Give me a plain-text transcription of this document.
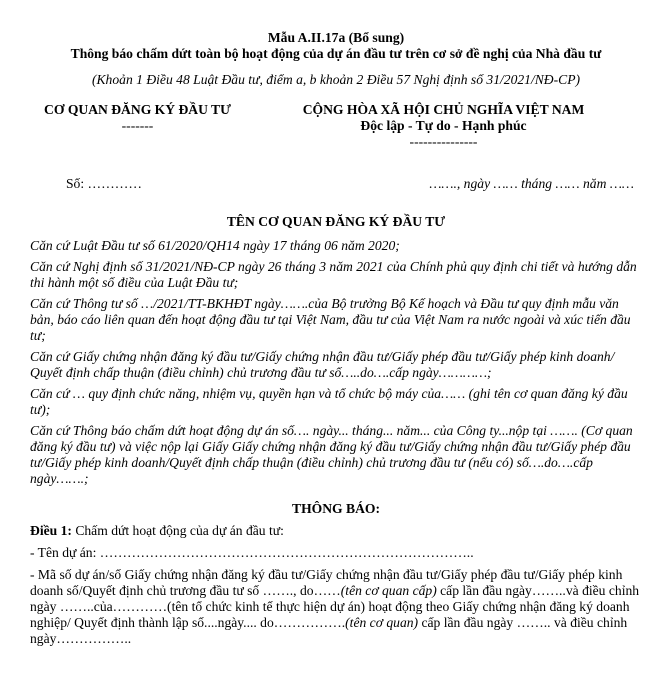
Mẫu A.II.17a (Bổ sung)
Thông báo chấm dứt toàn bộ hoạt động của dự án đầu tư trên cơ sở đề nghị của Nhà đầu tư
(Khoản 1 Điều 48 Luật Đầu tư, điểm a, b khoản 2 Điều 57 Nghị định số 31/2021/NĐ-CP)
CƠ QUAN ĐĂNG KÝ ĐẦU TƯ
-------
CỘNG HÒA XÃ HỘI CHỦ NGHĨA VIỆT NAM
Độc lập - Tự do - Hạnh phúc
---------------
Số: …………	……., ngày …… tháng …… năm ……
TÊN CƠ QUAN ĐĂNG KÝ ĐẦU TƯ
Căn cứ Luật Đầu tư số 61/2020/QH14 ngày 17 tháng 06 năm 2020;
Căn cứ Nghị định số 31/2021/NĐ-CP ngày 26 tháng 3 năm 2021 của Chính phủ quy định chi tiết và hướng dẫn thi hành một số điều của Luật Đầu tư;
Căn cứ Thông tư số …/2021/TT-BKHĐT ngày…….của Bộ trưởng Bộ Kế hoạch và Đầu tư quy định mẫu văn bản, báo cáo liên quan đến hoạt động đầu tư tại Việt Nam, đầu tư của Việt Nam ra nước ngoài và xúc tiến đầu tư;
Căn cứ Giấy chứng nhận đăng ký đầu tư/Giấy chứng nhận đầu tư/Giấy phép đầu tư/Giấy phép kinh doanh/ Quyết định chấp thuận (điều chỉnh) chủ trương đầu tư số…..do….cấp ngày…………;
Căn cứ … quy định chức năng, nhiệm vụ, quyền hạn và tổ chức bộ máy của…… (ghi tên cơ quan đăng ký đầu tư);
Căn cứ Thông báo chấm dứt hoạt động dự án số…. ngày... tháng... năm... của Công ty...nộp tại ……. (Cơ quan đăng ký đầu tư) và việc nộp lại Giấy Giấy chứng nhận đăng ký đầu tư/Giấy chứng nhận đầu tư/Giấy phép đầu tư/Giấy phép kinh doanh/Quyết định chấp thuận (điều chỉnh) chủ trương đầu tư (nếu có) số….do….cấp ngày…….;
THÔNG BÁO:
Điều 1: Chấm dứt hoạt động của dự án đầu tư:
- Tên dự án: ………………………………………………………………………..
- Mã số dự án/số Giấy chứng nhận đăng ký đầu tư/Giấy chứng nhận đầu tư/Giấy phép đầu tư/Giấy phép kinh doanh số/Quyết định chủ trương đầu tư số ……., do……(tên cơ quan cấp) cấp lần đầu ngày……..và điều chỉnh ngày ……..của…………(tên tổ chức kinh tế thực hiện dự án) hoạt động theo Giấy chứng nhận đăng ký doanh nghiệp/ Quyết định thành lập số....ngày.... do…………….(tên cơ quan) cấp lần đầu ngày …….. và điều chỉnh ngày……………..
